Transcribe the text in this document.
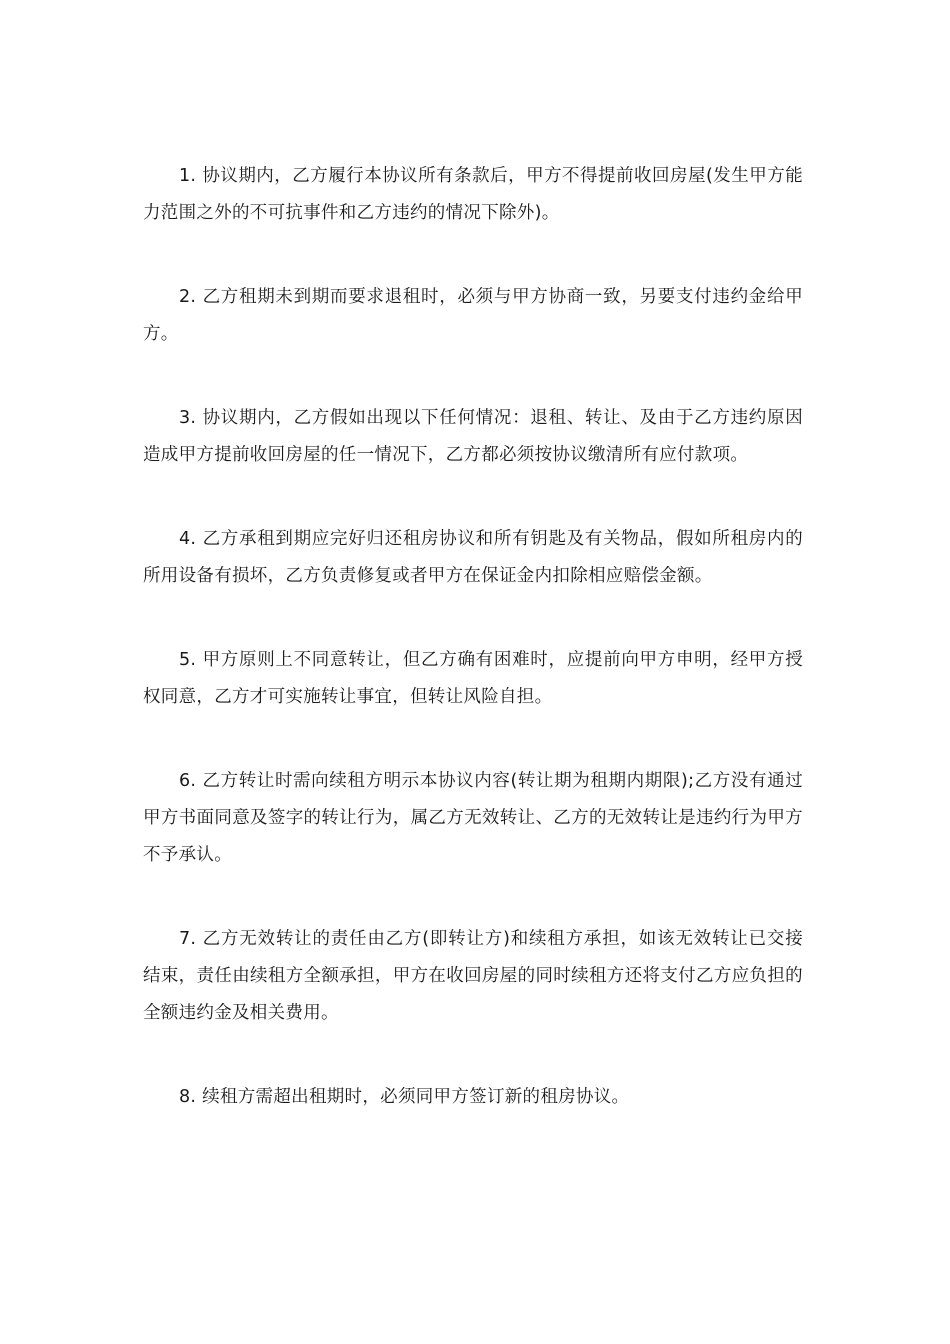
1. 协议期内，乙方履行本协议所有条款后，甲方不得提前收回房屋(发生甲方能力范围之外的不可抗事件和乙方违约的情况下除外)。

2. 乙方租期未到期而要求退租时，必须与甲方协商一致，另要支付违约金给甲方。

3. 协议期内，乙方假如出现以下任何情况：退租、转让、及由于乙方违约原因造成甲方提前收回房屋的任一情况下，乙方都必须按协议缴清所有应付款项。

4. 乙方承租到期应完好归还租房协议和所有钥匙及有关物品，假如所租房内的所用设备有损坏，乙方负责修复或者甲方在保证金内扣除相应赔偿金额。

5. 甲方原则上不同意转让，但乙方确有困难时，应提前向甲方申明，经甲方授权同意，乙方才可实施转让事宜，但转让风险自担。

6. 乙方转让时需向续租方明示本协议内容(转让期为租期内期限);乙方没有通过甲方书面同意及签字的转让行为，属乙方无效转让、乙方的无效转让是违约行为甲方不予承认。

7. 乙方无效转让的责任由乙方(即转让方)和续租方承担，如该无效转让已交接结束，责任由续租方全额承担，甲方在收回房屋的同时续租方还将支付乙方应负担的全额违约金及相关费用。

8. 续租方需超出租期时，必须同甲方签订新的租房协议。
